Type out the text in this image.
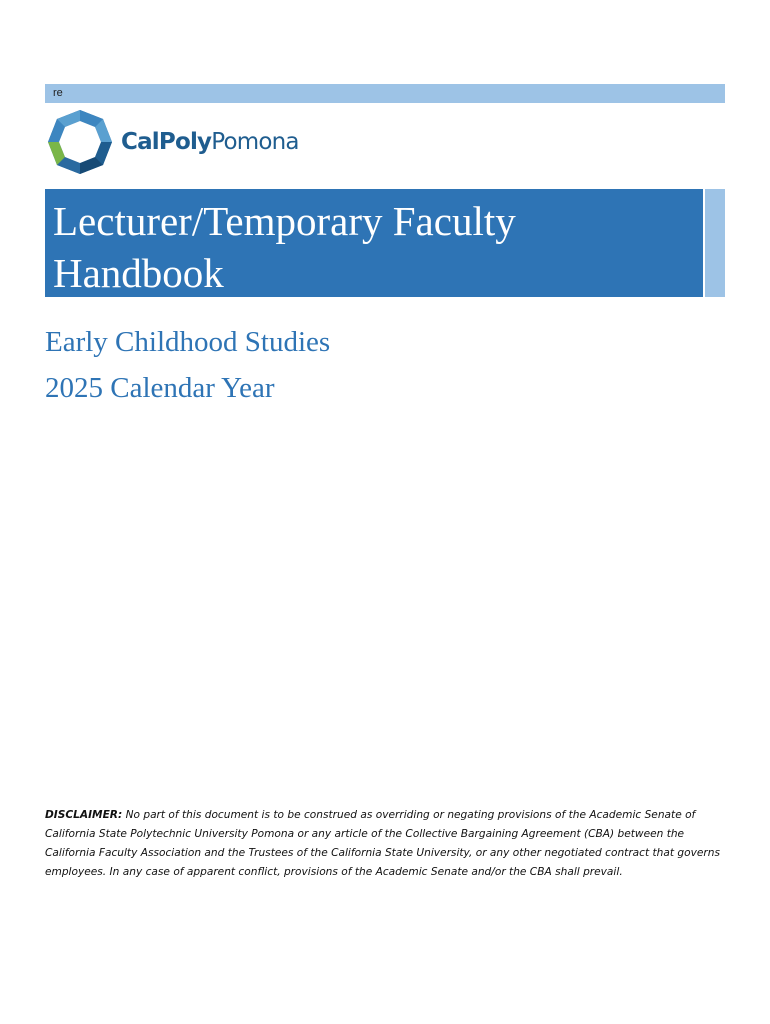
re
CalPolyPomona
Lecturer/Temporary Faculty
Handbook

Early Childhood Studies

2025 Calendar Year

DISCLAIMER: No part of this document is to be construed as overriding or negating provisions of the Academic Senate of California State Polytechnic University Pomona or any article of the Collective Bargaining Agreement (CBA) between the California Faculty Association and the Trustees of the California State University, or any other negotiated contract that governs employees. In any case of apparent conflict, provisions of the Academic Senate and/or the CBA shall prevail.
